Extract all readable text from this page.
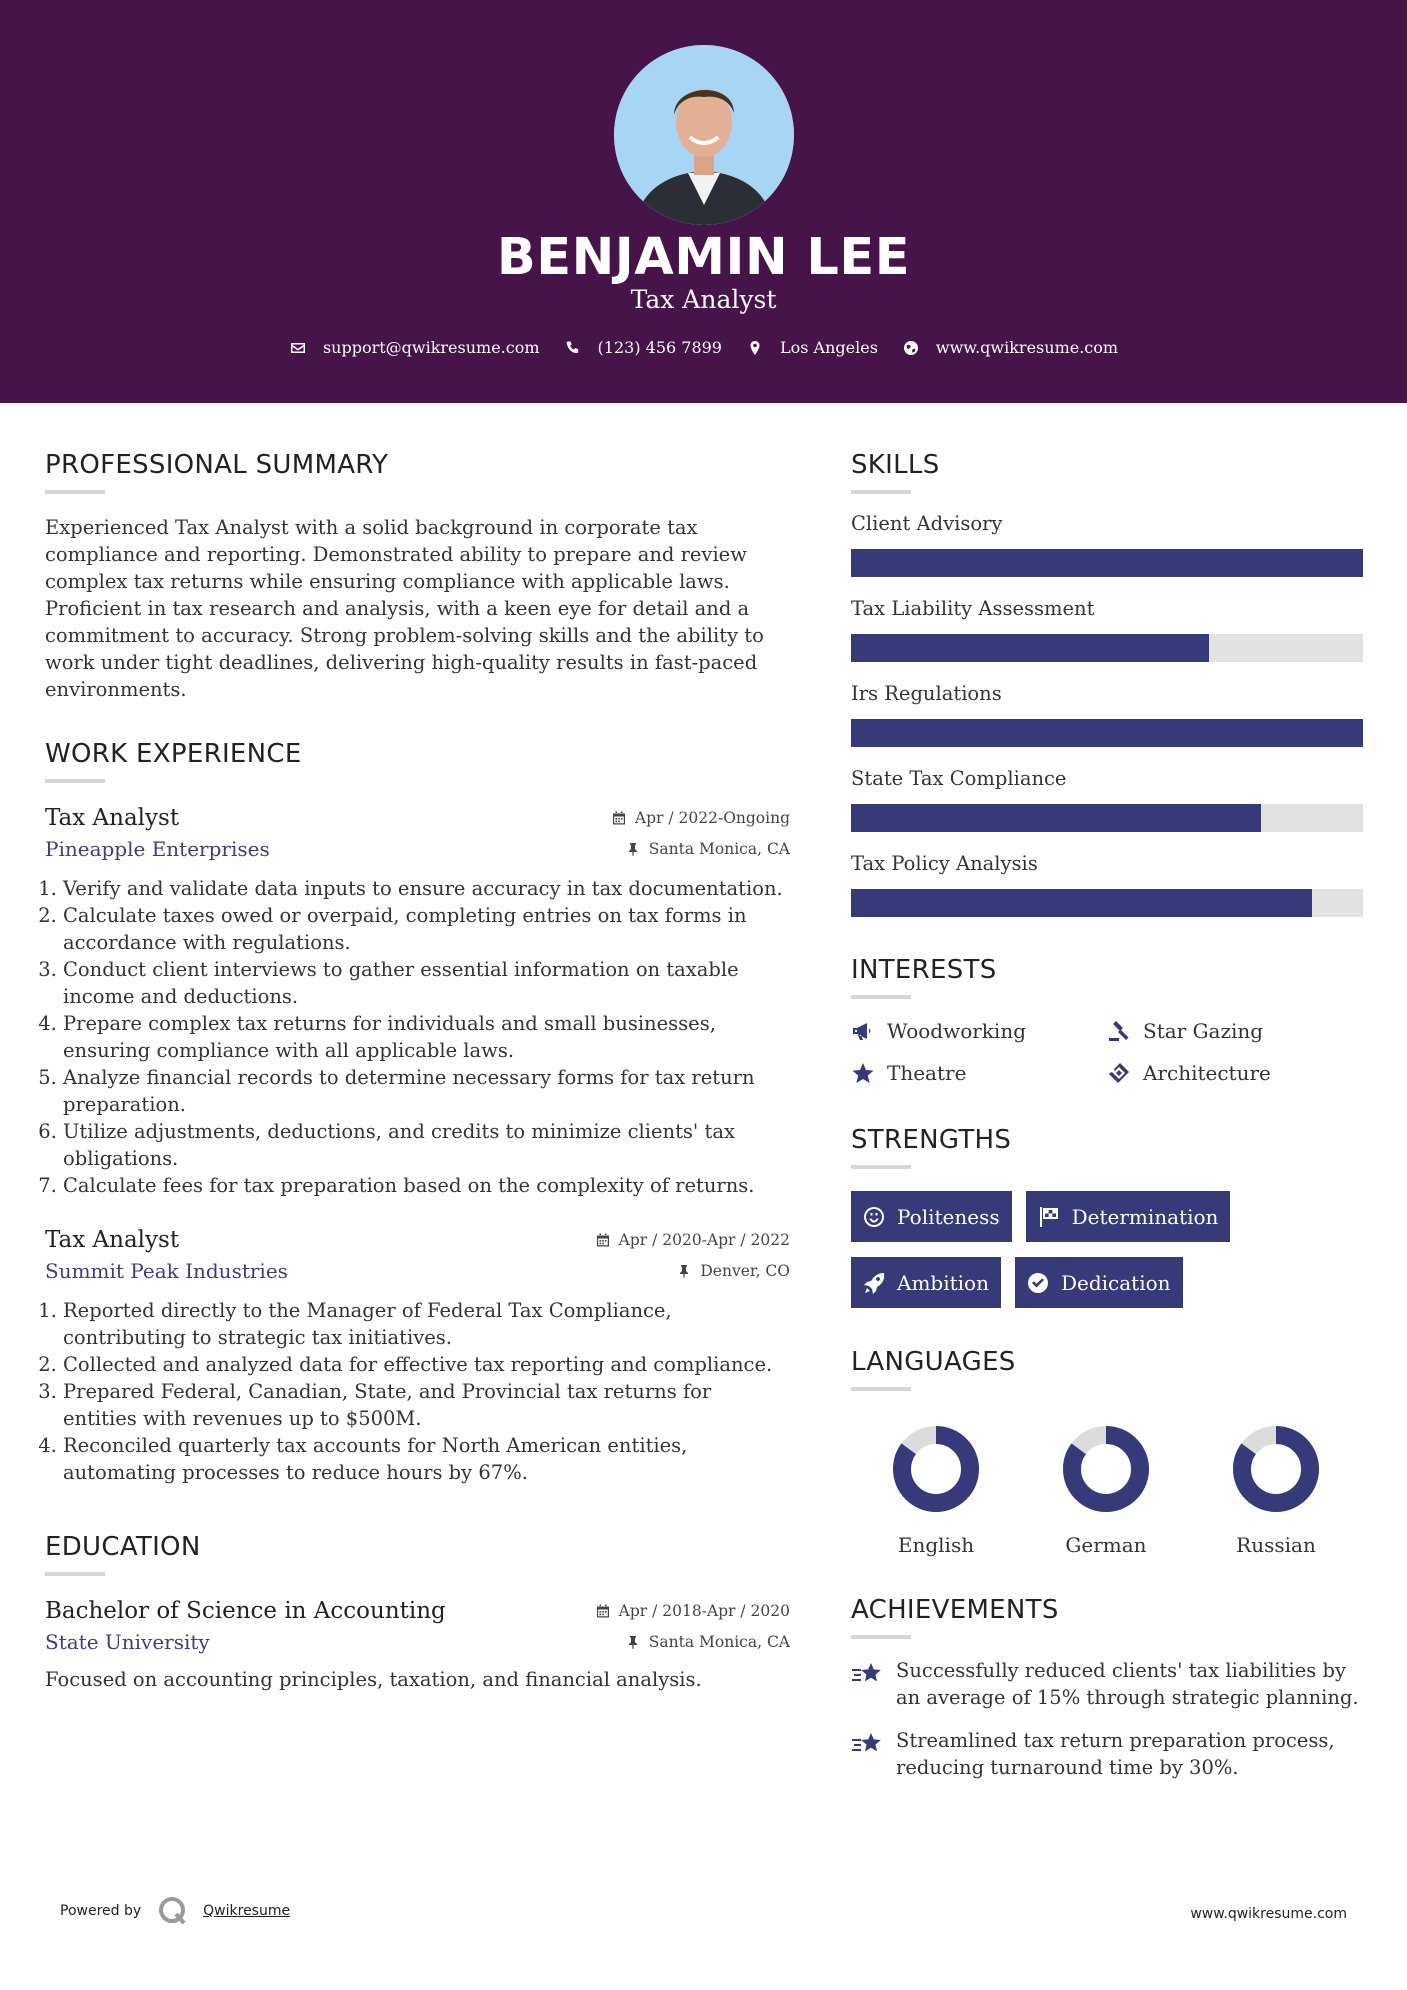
BENJAMIN LEE
Tax Analyst
support@qwikresume.com	(123) 456 7899	Los Angeles	www.qwikresume.com
PROFESSIONAL SUMMARY

Experienced Tax Analyst with a solid background in corporate tax compliance and reporting. Demonstrated ability to prepare and review complex tax returns while ensuring compliance with applicable laws. Proficient in tax research and analysis, with a keen eye for detail and a commitment to accuracy. Strong problem-solving skills and the ability to work under tight deadlines, delivering high-quality results in fast-paced environments.

WORK EXPERIENCE
Tax Analyst	Apr / 2022-Ongoing
Pineapple Enterprises	Santa Monica, CA
1. Verify and validate data inputs to ensure accuracy in tax documentation.
2. Calculate taxes owed or overpaid, completing entries on tax forms in accordance with regulations.
3. Conduct client interviews to gather essential information on taxable income and deductions.
4. Prepare complex tax returns for individuals and small businesses, ensuring compliance with all applicable laws.
5. Analyze financial records to determine necessary forms for tax return preparation.
6. Utilize adjustments, deductions, and credits to minimize clients' tax obligations.
7. Calculate fees for tax preparation based on the complexity of returns.
Tax Analyst	Apr / 2020-Apr / 2022
Summit Peak Industries	Denver, CO
1. Reported directly to the Manager of Federal Tax Compliance, contributing to strategic tax initiatives.
2. Collected and analyzed data for effective tax reporting and compliance.
3. Prepared Federal, Canadian, State, and Provincial tax returns for entities with revenues up to $500M.
4. Reconciled quarterly tax accounts for North American entities, automating processes to reduce hours by 67%.
EDUCATION
Bachelor of Science in Accounting	Apr / 2018-Apr / 2020
State University	Santa Monica, CA

Focused on accounting principles, taxation, and financial analysis.

SKILLS
Client Advisory
Tax Liability Assessment
Irs Regulations
State Tax Compliance
Tax Policy Analysis
INTERESTS
Woodworking	Star Gazing
Theatre	Architecture
STRENGTHS
Politeness	Determination
Ambition	Dedication
LANGUAGES
English	German	Russian
ACHIEVEMENTS
Successfully reduced clients' tax liabilities by an average of 15% through strategic planning.
Streamlined tax return preparation process, reducing turnaround time by 30%.
Powered by	Qwikresume	www.qwikresume.com
